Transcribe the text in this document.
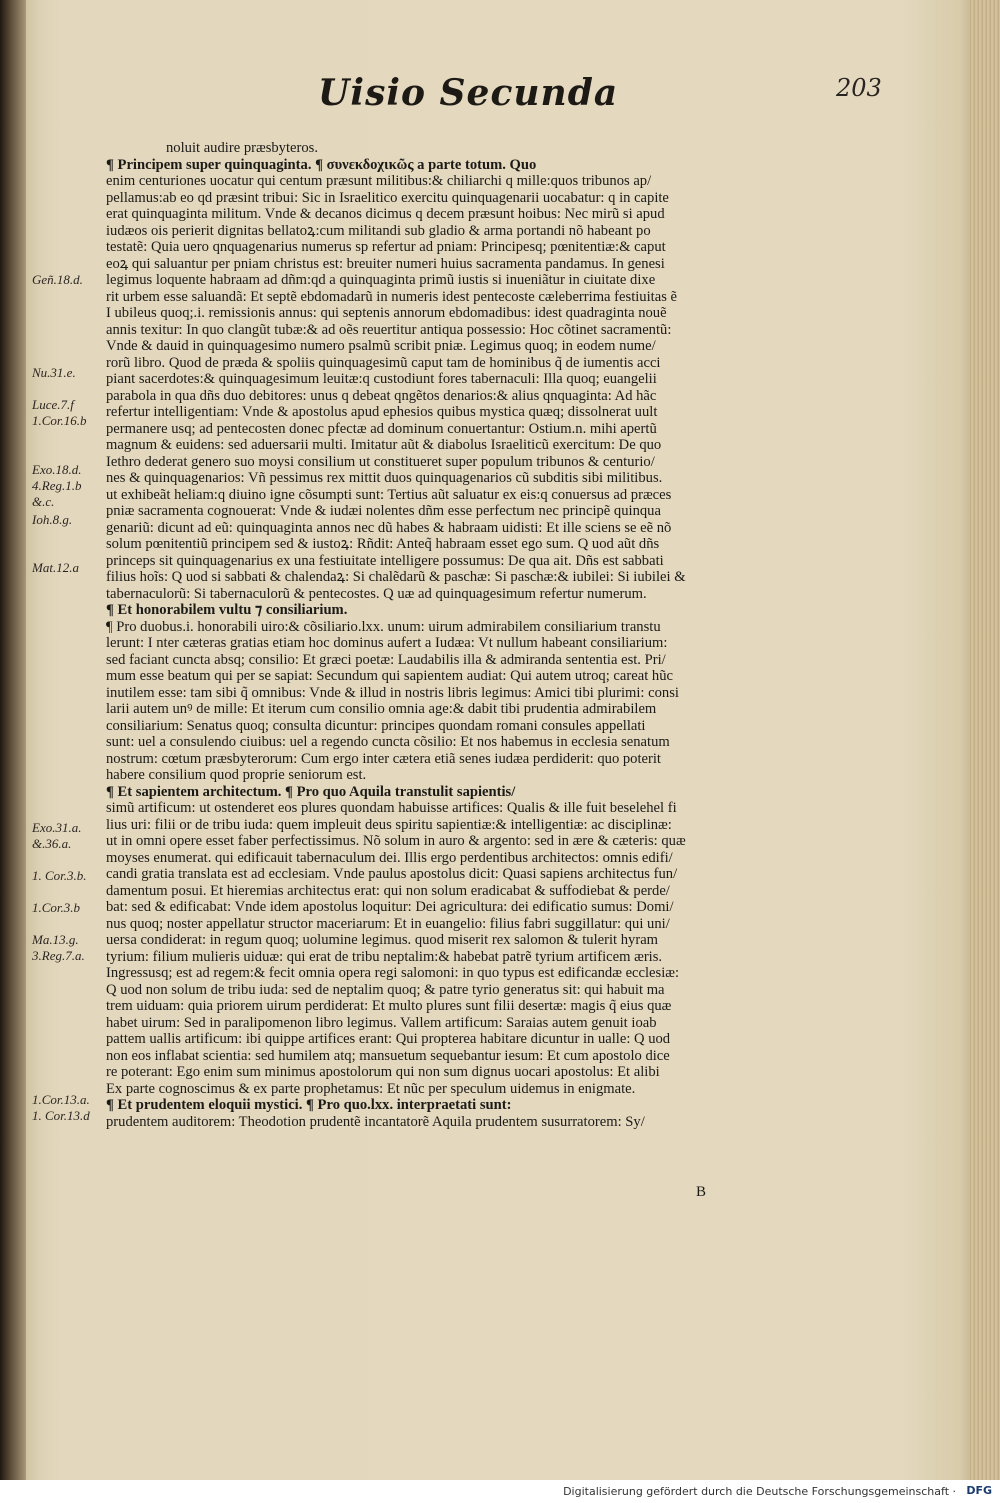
Uisio Secunda	203
Geñ.18.d.
Nu.31.e.
Luce.7.f
1.Cor.16.b
Exo.18.d.
4.Reg.1.b
&.c.
Ioh.8.g.
Mat.12.a
Exo.31.a.
&.36.a.
1. Cor.3.b.
1.Cor.3.b
Ma.13.g.
3.Reg.7.a.
1.Cor.13.a.
1. Cor.13.d
noluit audire præsbyteros.
¶ Principem super quinquaginta. ¶ συνεκδοχικῶς a parte totum. Quo
enim centuriones uocatur qui centum præsunt militibus:& chiliarchi q mille:quos tribunos ap/
pellamus:ab eo qd præsint tribui: Sic in Israelitico exercitu quinquagenarii uocabatur: q in capite
erat quinquaginta militum. Vnde & decanos dicimus q decem præsunt hoibus: Nec mirũ si apud
iudæos ois perierit dignitas bellatoꝝ:cum militandi sub gladio & arma portandi nõ habeant po
testatẽ: Quia uero qnquagenarius numerus sp refertur ad pniam: Principesq; pœnitentiæ:& caput
eoꝝ qui saluantur per pniam christus est: breuiter numeri huius sacramenta pandamus. In genesi
legimus loquente habraam ad dñm:qd a quinquaginta primũ iustis si inueniãtur in ciuitate dixe
rit urbem esse saluandã: Et septẽ ebdomadarũ in numeris idest pentecoste cæleberrima festiuitas ẽ
I ubileus quoq;.i. remissionis annus: qui septenis annorum ebdomadibus: idest quadraginta nouẽ
annis texitur: In quo clangũt tubæ:& ad oẽs reuertitur antiqua possessio: Hoc cõtinet sacramentũ:
Vnde & dauid in quinquagesimo numero psalmũ scribit pniæ. Legimus quoq; in eodem nume/
rorũ libro. Quod de præda & spoliis quinquagesimũ caput tam de hominibus q̃ de iumentis acci
piant sacerdotes:& quinquagesimum leuitæ:q custodiunt fores tabernaculi: Illa quoq; euangelii
parabola in qua dñs duo debitores: unus q debeat qngẽtos denarios:& alius qnquaginta: Ad hãc
refertur intelligentiam: Vnde & apostolus apud ephesios quibus mystica quæq; dissolnerat uult
permanere usq; ad pentecosten donec pfectæ ad dominum conuertantur: Ostium.n. mihi apertũ
magnum & euidens: sed aduersarii multi. Imitatur aũt & diabolus Israeliticũ exercitum: De quo
Iethro dederat genero suo moysi consilium ut constitueret super populum tribunos & centurio/
nes & quinquagenarios: Vñ pessimus rex mittit duos quinquagenarios cũ subditis sibi militibus.
ut exhibeãt heliam:q diuino igne cõsumpti sunt: Tertius aũt saluatur ex eis:q conuersus ad præces
pniæ sacramenta cognouerat: Vnde & iudæi nolentes dñm esse perfectum nec principẽ quinqua
genariũ: dicunt ad eũ: quinquaginta annos nec dũ habes & habraam uidisti: Et ille sciens se eẽ nõ
solum pœnitentiũ principem sed & iustoꝝ: Rñdit: Anteq̃ habraam esset ego sum. Q uod aũt dñs
princeps sit quinquagenarius ex una festiuitate intelligere possumus: De qua ait. Dñs est sabbati
filius hoĩs: Q uod si sabbati & chalendaꝝ: Si chalẽdarũ & paschæ: Si paschæ:& iubilei: Si iubilei &
tabernaculorũ: Si tabernaculorũ & pentecostes. Q uæ ad quinquagesimum refertur numerum.
¶ Et honorabilem vultu ⁊ consiliarium.
¶ Pro duobus.i. honorabili uiro:& cõsiliario.lxx. unum: uirum admirabilem consiliarium transtu
lerunt: I nter cæteras gratias etiam hoc dominus aufert a Iudæa: Vt nullum habeant consiliarium:
sed faciant cuncta absq; consilio: Et græci poetæ: Laudabilis illa & admiranda sententia est. Pri/
mum esse beatum qui per se sapiat: Secundum qui sapientem audiat: Qui autem utroq; careat hũc
inutilem esse: tam sibi q̃ omnibus: Vnde & illud in nostris libris legimus: Amici tibi plurimi: consi
larii autem unꝰ de mille: Et iterum cum consilio omnia age:& dabit tibi prudentia admirabilem
consiliarium: Senatus quoq; consulta dicuntur: principes quondam romani consules appellati
sunt: uel a consulendo ciuibus: uel a regendo cuncta cõsilio: Et nos habemus in ecclesia senatum
nostrum: cœtum præsbyterorum: Cum ergo inter cætera etiã senes iudæa perdiderit: quo poterit
habere consilium quod proprie seniorum est.
¶ Et sapientem architectum. ¶ Pro quo Aquila transtulit sapientis/
simũ artificum: ut ostenderet eos plures quondam habuisse artifices: Qualis & ille fuit beselehel fi
lius uri: filii or de tribu iuda: quem impleuit deus spiritu sapientiæ:& intelligentiæ: ac disciplinæ:
ut in omni opere esset faber perfectissimus. Nõ solum in auro & argento: sed in ære & cæteris: quæ
moyses enumerat. qui edificauit tabernaculum dei. Illis ergo perdentibus architectos: omnis edifi/
candi gratia translata est ad ecclesiam. Vnde paulus apostolus dicit: Quasi sapiens architectus fun/
damentum posui. Et hieremias architectus erat: qui non solum eradicabat & suffodiebat & perde/
bat: sed & edificabat: Vnde idem apostolus loquitur: Dei agricultura: dei edificatio sumus: Domi/
nus quoq; noster appellatur structor maceriarum: Et in euangelio: filius fabri suggillatur: qui uni/
uersa condiderat: in regum quoq; uolumine legimus. quod miserit rex salomon & tulerit hyram
tyrium: filium mulieris uiduæ: qui erat de tribu neptalim:& habebat patrẽ tyrium artificem æris.
Ingressusq; est ad regem:& fecit omnia opera regi salomoni: in quo typus est edificandæ ecclesiæ:
Q uod non solum de tribu iuda: sed de neptalim quoq; & patre tyrio generatus sit: qui habuit ma
trem uiduam: quia priorem uirum perdiderat: Et multo plures sunt filii desertæ: magis q̃ eius quæ
habet uirum: Sed in paralipomenon libro legimus. Vallem artificum: Saraias autem genuit ioab
pattem uallis artificum: ibi quippe artifices erant: Qui propterea habitare dicuntur in ualle: Q uod
non eos inflabat scientia: sed humilem atq; mansuetum sequebantur iesum: Et cum apostolo dice
re poterant: Ego enim sum minimus apostolorum qui non sum dignus uocari apostolus: Et alibi
Ex parte cognoscimus & ex parte prophetamus: Et nũc per speculum uidemus in enigmate.
¶ Et prudentem eloquii mystici. ¶ Pro quo.lxx. interpraetati sunt:
prudentem auditorem: Theodotion prudentẽ incantatorẽ Aquila prudentem susurratorem: Sy/
B
Digitalisierung gefördert durch die Deutsche Forschungsgemeinschaft · DFG
